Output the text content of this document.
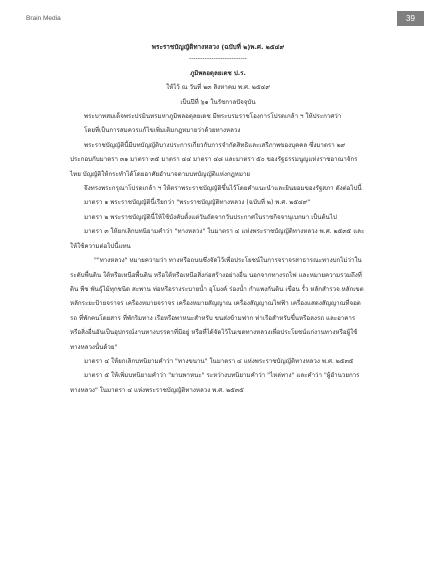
Brain Media	39
พระราชบัญญัติทางหลวง (ฉบับที่ ๒)พ.ศ. ๒๕๔๙
--------------------------
ภูมิพลอดุลยเดช ป.ร.
ให้ไว้ ณ วันที่ ๒๓ สิงหาคม พ.ศ. ๒๕๔๙
เป็นปีที่ ๖๑ ในรัชกาลปัจจุบัน

พระบาทสมเด็จพระปรมินทรมหาภูมิพลอดุลยเดช มีพระบรมราชโองการโปรดเกล้า ฯ ให้ประกาศว่า

โดยที่เป็นการสมควรแก้ไขเพิ่มเติมกฎหมายว่าด้วยทางหลวง

พระราชบัญญัตินี้มีบทบัญญัติบางประการเกี่ยวกับการจำกัดสิทธิและเสรีภาพของบุคคล ซึ่งมาตรา ๒๙ ประกอบกับมาตรา ๓๑ มาตรา ๓๕ มาตรา ๔๔ มาตรา ๔๘ และมาตรา ๕๐ ของรัฐธรรมนูญแห่งราชอาณาจักรไทย บัญญัติให้กระทำได้โดยอาศัยอำนาจตามบทบัญญัติแห่งกฎหมาย

จึงทรงพระกรุณาโปรดเกล้า ฯ ให้ตราพระราชบัญญัติขึ้นไว้โดยคำแนะนำและยินยอมของรัฐสภา ดังต่อไปนี้

มาตรา ๑ พระราชบัญญัตินี้เรียกว่า "พระราชบัญญัติทางหลวง (ฉบับที่ ๒) พ.ศ. ๒๕๔๙"

มาตรา ๒ พระราชบัญญัตินี้ให้ใช้บังคับตั้งแต่วันถัดจากวันประกาศในราชกิจจานุเบกษา เป็นต้นไป

มาตรา ๓ ให้ยกเลิกบทนิยามคำว่า "ทางหลวง" ในมาตรา ๔ แห่งพระราชบัญญัติทางหลวง พ.ศ. ๒๕๓๕ และให้ใช้ความต่อไปนี้แทน

""ทางหลวง" หมายความว่า ทางหรือถนนซึ่งจัดไว้เพื่อประโยชน์ในการจราจรสาธารณะทางบกไม่ว่าในระดับพื้นดิน ใต้หรือเหนือพื้นดิน หรือใต้หรือเหนือสิ่งก่อสร้างอย่างอื่น นอกจากทางรถไฟ และหมายความรวมถึงที่ดิน พืช พันธุ์ไม้ทุกชนิด สะพาน ท่อหรือรางระบายน้ำ อุโมงค์ ร่องน้ำ กำแพงกันดิน เขื่อน รั้ว หลักสำรวจ หลักเขต หลักระยะป้ายจราจร เครื่องหมายจราจร เครื่องหมายสัญญาณ เครื่องสัญญาณไฟฟ้า เครื่องแสดงสัญญาณที่จอดรถ ที่พักคนโดยสาร ที่พักริมทาง เรือหรือพาหนะสำหรับ ขนส่งข้ามฟาก ท่าเรือสำหรับขึ้นหรือลงรถ และอาคารหรือสิ่งอื่นอันเป็นอุปกรณ์งานทางบรรดาที่มีอยู่ หรือที่ได้จัดไว้ในเขตทางหลวงเพื่อประโยชน์แก่งานทางหรือผู้ใช้ทางหลวงนั้นด้วย"

มาตรา ๔ ให้ยกเลิกบทนิยามคำว่า "ทางขนาน" ในมาตรา ๔ แห่งพระราชบัญญัติทางหลวง พ.ศ. ๒๕๓๕

มาตรา ๕ ให้เพิ่มบทนิยามคำว่า "ยานพาหนะ" ระหว่างบทนิยามคำว่า "ไหล่ทาง" และคำว่า "ผู้อำนวยการทางหลวง" ในมาตรา ๔ แห่งพระราชบัญญัติทางหลวง พ.ศ. ๒๕๓๕
